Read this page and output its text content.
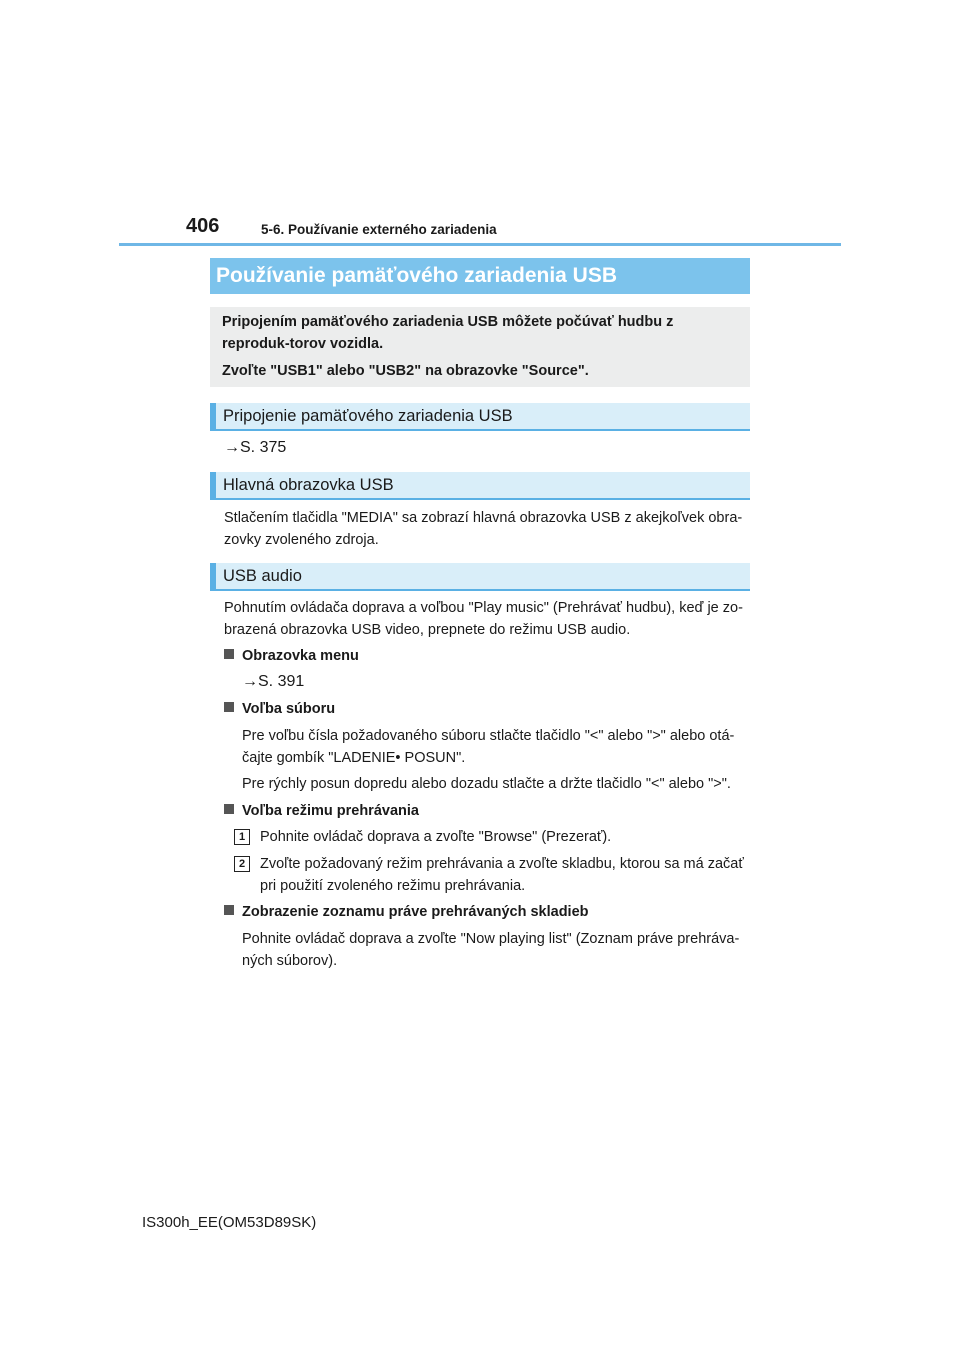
406	5-6. Používanie externého zariadenia
Používanie pamäťového zariadenia USB

Pripojením pamäťového zariadenia USB môžete počúvať hudbu z reproduk-torov vozidla.

Zvoľte "USB1" alebo "USB2" na obrazovke "Source".

Pripojenie pamäťového zariadenia USB

→S. 375

Hlavná obrazovka USB

Stlačením tlačidla "MEDIA" sa zobrazí hlavná obrazovka USB z akejkoľvek obra-zovky zvoleného zdroja.

USB audio

Pohnutím ovládača doprava a voľbou "Play music" (Prehrávať hudbu), keď je zo-brazená obrazovka USB video, prepnete do režimu USB audio.

Obrazovka menu

→S. 391

Voľba súboru

Pre voľbu čísla požadovaného súboru stlačte tlačidlo "<" alebo ">" alebo otá-čajte gombík "LADENIE• POSUN".

Pre rýchly posun dopredu alebo dozadu stlačte a držte tlačidlo "<" alebo ">".

Voľba režimu prehrávania
1	Pohnite ovládač doprava a zvoľte "Browse" (Prezerať).
2	Zvoľte požadovaný režim prehrávania a zvoľte skladbu, ktorou sa má začať pri použití zvoleného režimu prehrávania.
Zobrazenie zoznamu práve prehrávaných skladieb

Pohnite ovládač doprava a zvoľte "Now playing list" (Zoznam práve prehráva-ných súborov).

IS300h_EE(OM53D89SK)
